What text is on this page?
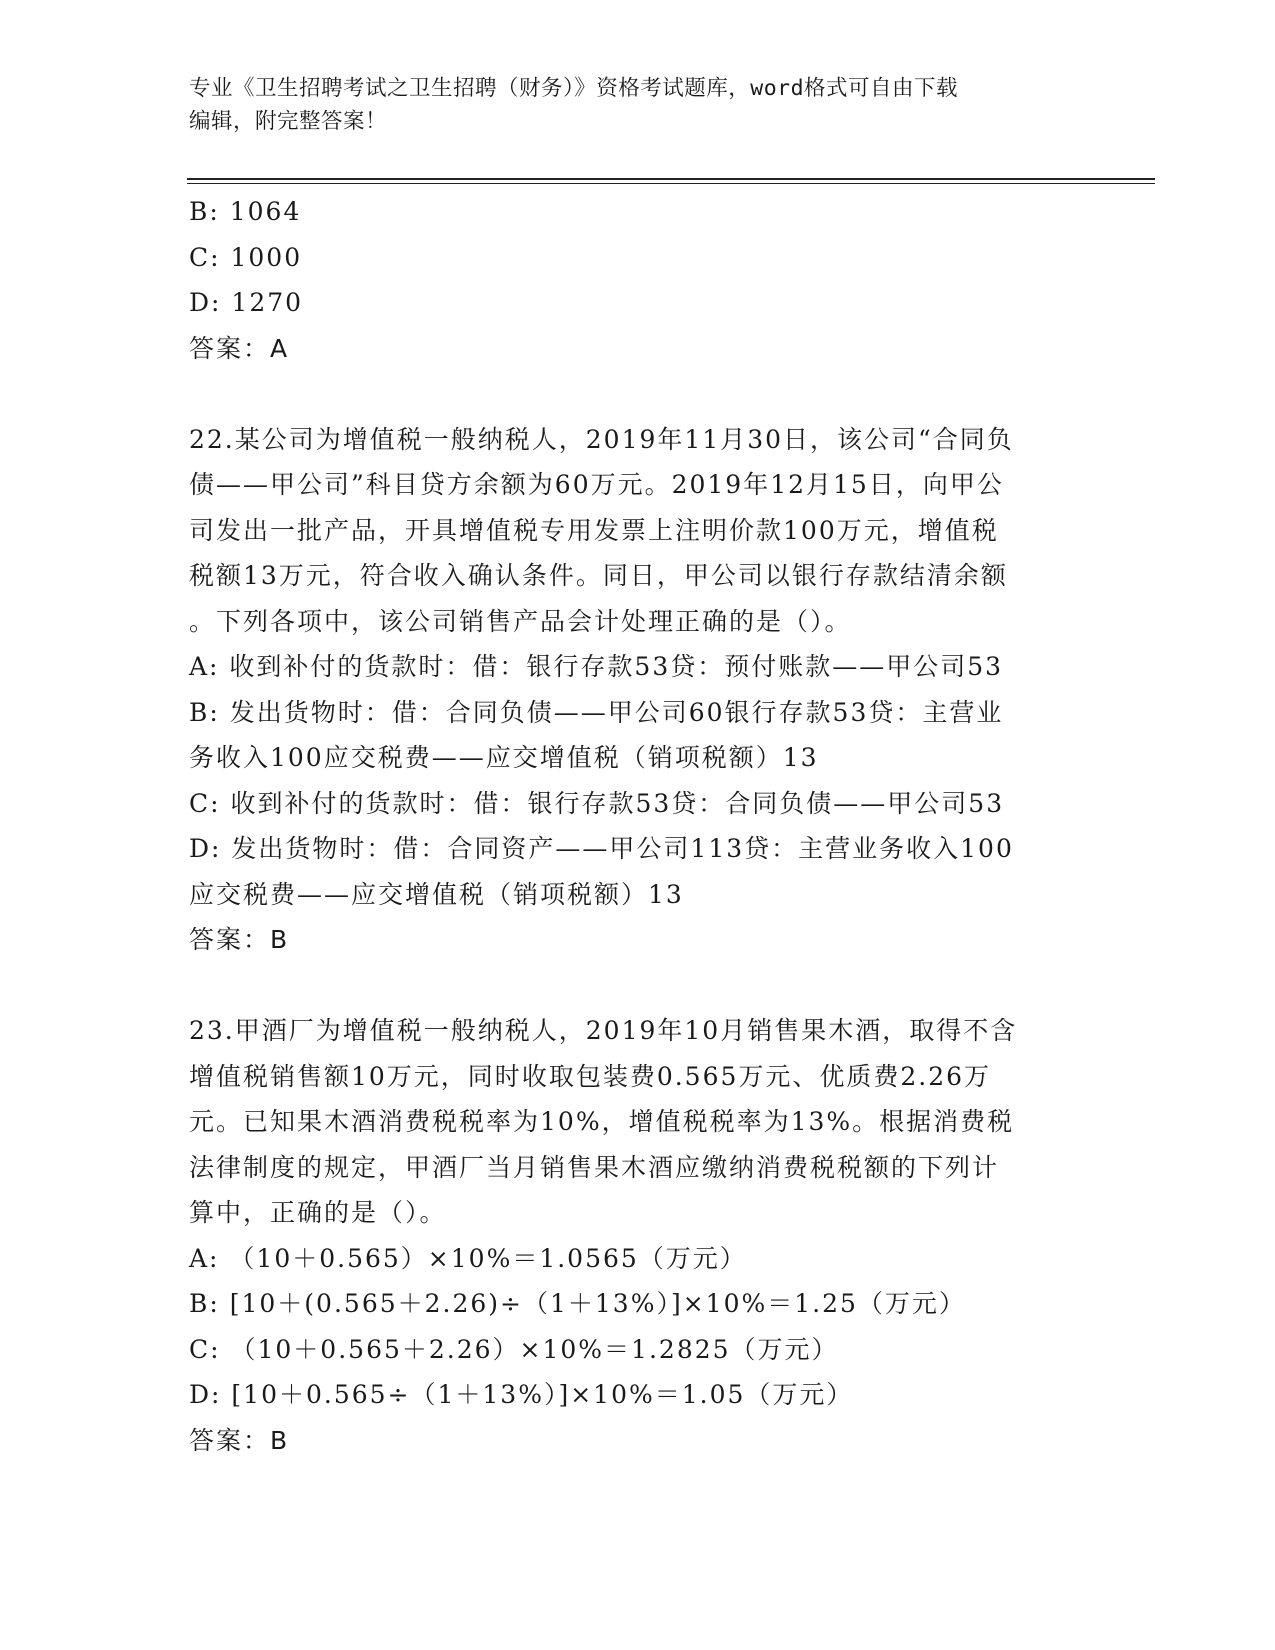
专业《卫生招聘考试之卫生招聘（财务）》资格考试题库，word格式可自由下载
编辑，附完整答案！
B: 1064
C: 1000
D: 1270
答案：A
22.某公司为增值税一般纳税人，2019年11月30日，该公司“合同负
债——甲公司”科目贷方余额为60万元。2019年12月15日，向甲公
司发出一批产品，开具增值税专用发票上注明价款100万元，增值税
税额13万元，符合收入确认条件。同日，甲公司以银行存款结清余额
。下列各项中，该公司销售产品会计处理正确的是（）。
A: 收到补付的货款时：借：银行存款53贷：预付账款——甲公司53
B: 发出货物时：借：合同负债——甲公司60银行存款53贷：主营业
务收入100应交税费——应交增值税（销项税额）13
C: 收到补付的货款时：借：银行存款53贷：合同负债——甲公司53
D: 发出货物时：借：合同资产——甲公司113贷：主营业务收入100
应交税费——应交增值税（销项税额）13
答案：B
23.甲酒厂为增值税一般纳税人，2019年10月销售果木酒，取得不含
增值税销售额10万元，同时收取包装费0.565万元、优质费2.26万
元。已知果木酒消费税税率为10%，增值税税率为13%。根据消费税
法律制度的规定，甲酒厂当月销售果木酒应缴纳消费税税额的下列计
算中，正确的是（）。
A: （10＋0.565）×10%＝1.0565（万元）
B: [10＋(0.565＋2.26)÷（1＋13%）]×10%＝1.25（万元）
C: （10＋0.565＋2.26）×10%＝1.2825（万元）
D: [10＋0.565÷（1＋13%）]×10%＝1.05（万元）
答案：B
